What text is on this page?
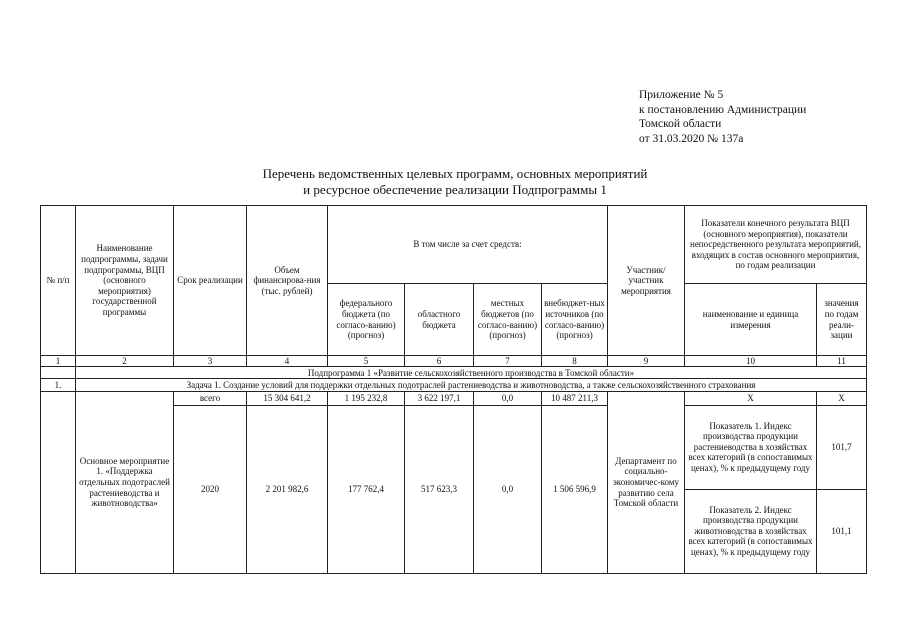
Приложение № 5
к постановлению Администрации
Томской области
от 31.03.2020 № 137а
Перечень ведомственных целевых программ, основных мероприятий
и ресурсное обеспечение реализации Подпрограммы 1
№ п/п	Наименование подпрограммы, задачи подпрограммы, ВЦП (основного мероприятия) государственной программы	Срок реализации	Объем финансирова-ния (тыс. рублей)	В том числе за счет средств:				Участник/ участник мероприятия	Показатели конечного результата ВЦП (основного мероприятия), показатели непосредственного результата мероприятий, входящих в состав основного мероприятия, по годам реализации	
				федерального бюджета (по согласо-ванию) (прогноз)	областного бюджета	местных бюджетов (по согласо-ванию) (прогноз)	внебюджет-ных источников (по согласо-ванию) (прогноз)		наименование и единица измерения	значения по годам реали-зации
1	2	3	4	5	6	7	8	9	10	11
	Подпрограмма 1 «Развитие сельскохозяйственного производства в Томской области»									
1.	Задача 1. Создание условий для поддержки отдельных подотраслей растениеводства и животноводства, а также сельскохозяйственного страхования									
	Основное мероприятие 1. «Поддержка отдельных подотраслей растениеводства и животноводства»	всего	15 304 641,2	1 195 232,8	3 622 197,1	0,0	10 487 211,3	Департамент по социально-экономичес-кому развитию села Томской области	Х	Х
		2020	2 201 982,6	177 762,4	517 623,3	0,0	1 506 596,9		Показатель 1. Индекс производства продукции растениеводства в хозяйствах всех категорий (в сопоставимых ценах), % к предыдущему году	101,7
									Показатель 2. Индекс производства продукции животноводства в хозяйствах всех категорий (в сопоставимых ценах), % к предыдущему году	101,1
